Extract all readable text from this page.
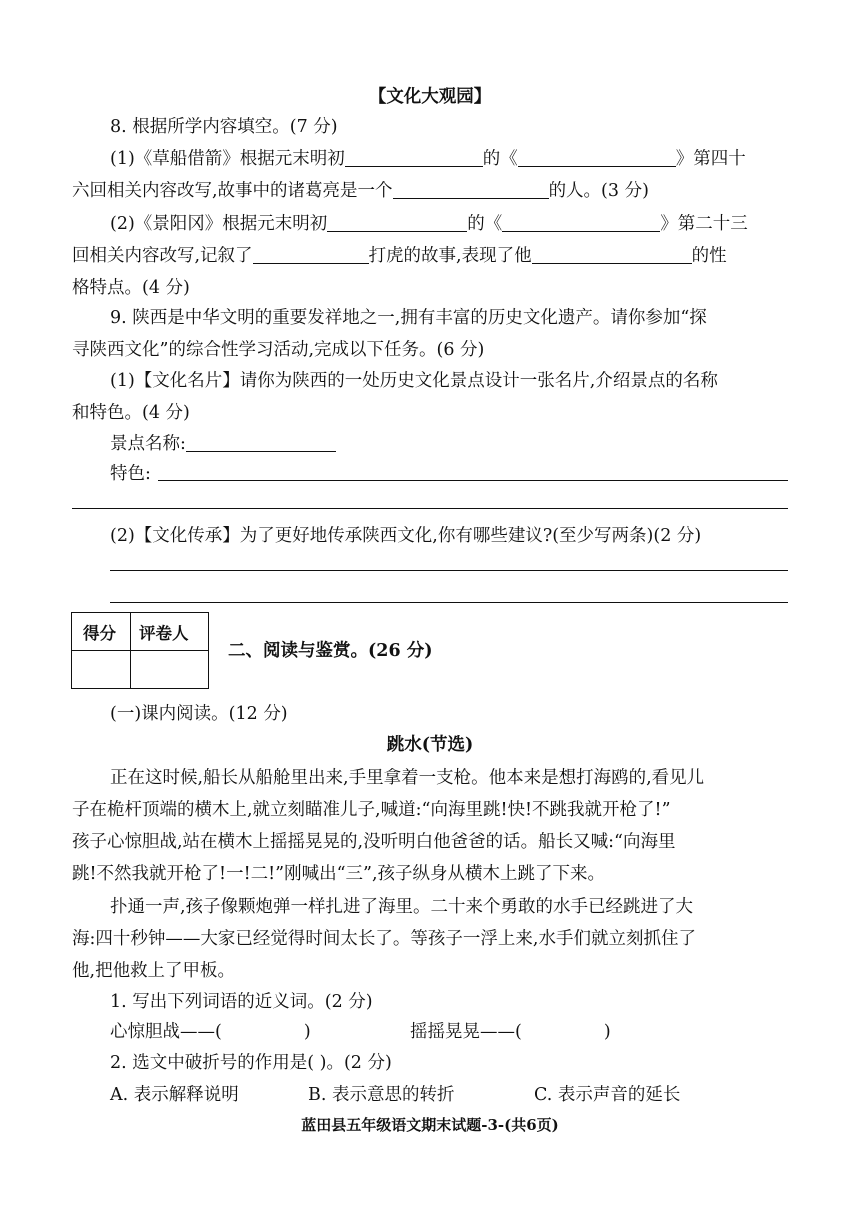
【文化大观园】
8. 根据所学内容填空。(7 分)
(1)《草船借箭》根据元末明初	的《	》第四十
六回相关内容改写,故事中的诸葛亮是一个	的人。(3 分)
(2)《景阳冈》根据元末明初	的《	》第二十三
回相关内容改写,记叙了	打虎的故事,表现了他	的性
格特点。(4 分)
9. 陕西是中华文明的重要发祥地之一,拥有丰富的历史文化遗产。请你参加“探
寻陕西文化”的综合性学习活动,完成以下任务。(6 分)
(1)【文化名片】请你为陕西的一处历史文化景点设计一张名片,介绍景点的名称
和特色。(4 分)
景点名称:
特色:
(2)【文化传承】为了更好地传承陕西文化,你有哪些建议?(至少写两条)(2 分)
得分 评卷人
二、阅读与鉴赏。(26 分)
(一)课内阅读。(12 分)
跳水(节选)
正在这时候,船长从船舱里出来,手里拿着一支枪。他本来是想打海鸥的,看见儿
子在桅杆顶端的横木上,就立刻瞄准儿子,喊道:“向海里跳!快!不跳我就开枪了!”
孩子心惊胆战,站在横木上摇摇晃晃的,没听明白他爸爸的话。船长又喊:“向海里
跳!不然我就开枪了!一!二!”刚喊出“三”,孩子纵身从横木上跳了下来。
扑通一声,孩子像颗炮弹一样扎进了海里。二十来个勇敢的水手已经跳进了大
海:四十秒钟——大家已经觉得时间太长了。等孩子一浮上来,水手们就立刻抓住了
他,把他救上了甲板。
1. 写出下列词语的近义词。(2 分)
心惊胆战——(	)	摇摇晃晃——(	)
2. 选文中破折号的作用是( )。(2 分)
A. 表示解释说明	B. 表示意思的转折	C. 表示声音的延长
蓝田县五年级语文期末试题-3-(共6页)
